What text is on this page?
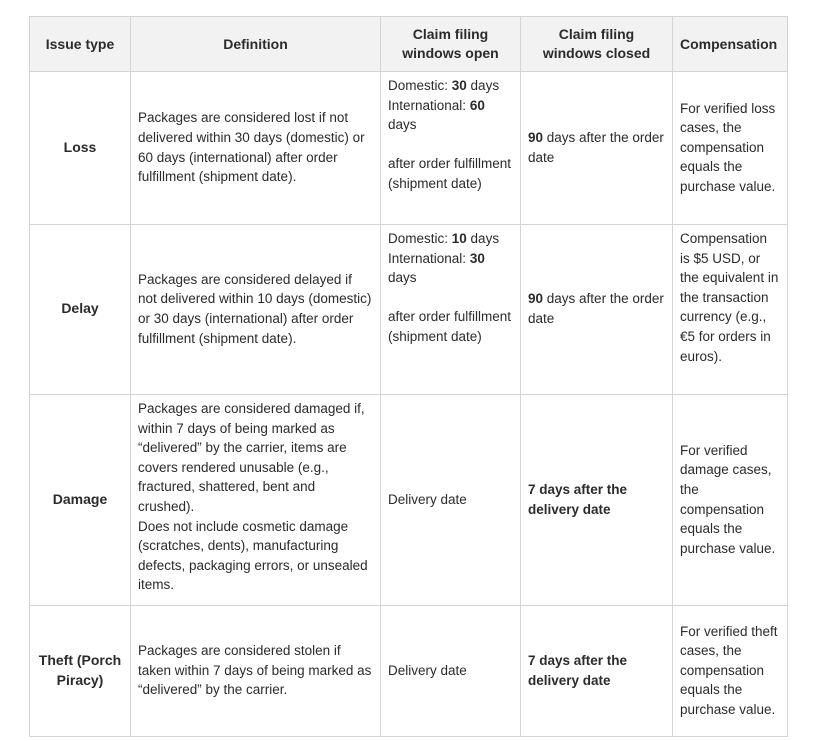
Issue type	Definition	Claim filing windows open	Claim filing windows closed	Compensation
Loss	Packages are considered lost if not delivered within 30 days (domestic) or 60 days (international) after order fulfillment (shipment date).	Domestic: 30 days
International: 60 days
after order fulfillment (shipment date)	90 days after the order date	For verified loss cases, the compensation equals the purchase value.
Delay	Packages are considered delayed if not delivered within 10 days (domestic) or 30 days (international) after order fulfillment (shipment date).	Domestic: 10 days
International: 30 days
after order fulfillment (shipment date)	90 days after the order date	Compensation is $5 USD, or the equivalent in the transaction currency (e.g., €5 for orders in euros).
Damage	Packages are considered damaged if, within 7 days of being marked as “delivered” by the carrier, items are covers rendered unusable (e.g., fractured, shattered, bent and crushed).
Does not include cosmetic damage (scratches, dents), manufacturing defects, packaging errors, or unsealed items.	Delivery date	7 days after the delivery date	For verified damage cases, the compensation equals the purchase value.
Theft (Porch Piracy)	Packages are considered stolen if taken within 7 days of being marked as “delivered” by the carrier.	Delivery date	7 days after the delivery date	For verified theft cases, the compensation equals the purchase value.
